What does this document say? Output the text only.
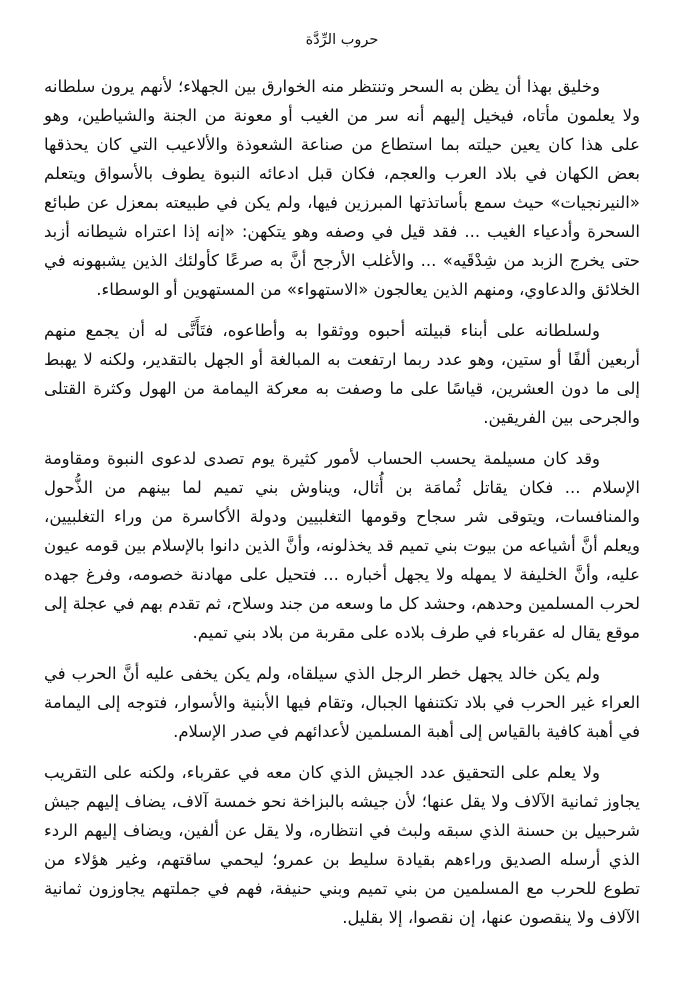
حروب الرِّدَّة

وخليق بهذا أن يظن به السحر وتنتظر منه الخوارق بين الجهلاء؛ لأنهم يرون سلطانه ولا يعلمون مأتاه، فيخيل إليهم أنه سر من الغيب أو معونة من الجنة والشياطين، وهو على هذا كان يعين حيلته بما استطاع من صناعة الشعوذة والألاعيب التي كان يحذقها بعض الكهان في بلاد العرب والعجم، فكان قبل ادعائه النبوة يطوف بالأسواق ويتعلم «النيرنجيات» حيث سمع بأساتذتها المبرزين فيها، ولم يكن في طبيعته بمعزل عن طبائع السحرة وأدعياء الغيب ... فقد قيل في وصفه وهو يتكهن: «إنه إذا اعتراه شيطانه أزبد حتى يخرج الزبد من شِدْقَيه» ... والأغلب الأرجح أنَّ به صرعًا كأولئك الذين يشبهونه في الخلائق والدعاوي، ومنهم الذين يعالجون «الاستهواء» من المستهوين أو الوسطاء.

ولسلطانه على أبناء قبيلته أحبوه ووثقوا به وأطاعوه، فتَأَتَّى له أن يجمع منهم أربعين ألفًا أو ستين، وهو عدد ربما ارتفعت به المبالغة أو الجهل بالتقدير، ولكنه لا يهبط إلى ما دون العشرين، قياسًا على ما وصفت به معركة اليمامة من الهول وكثرة القتلى والجرحى بين الفريقين.

وقد كان مسيلمة يحسب الحساب لأمور كثيرة يوم تصدى لدعوى النبوة ومقاومة الإسلام ... فكان يقاتل ثُمامَة بن أُثال، ويناوش بني تميم لما بينهم من الذُّحول والمنافسات، ويتوقى شر سجاح وقومها التغلبيين ودولة الأكاسرة من وراء التغلبيين، ويعلم أنَّ أشياعه من بيوت بني تميم قد يخذلونه، وأنَّ الذين دانوا بالإسلام بين قومه عيون عليه، وأنَّ الخليفة لا يمهله ولا يجهل أخباره ... فتحيل على مهادنة خصومه، وفرغ جهده لحرب المسلمين وحدهم، وحشد كل ما وسعه من جند وسلاح، ثم تقدم بهم في عجلة إلى موقع يقال له عقرباء في طرف بلاده على مقربة من بلاد بني تميم.

ولم يكن خالد يجهل خطر الرجل الذي سيلقاه، ولم يكن يخفى عليه أنَّ الحرب في العراء غير الحرب في بلاد تكتنفها الجبال، وتقام فيها الأبنية والأسوار، فتوجه إلى اليمامة في أهبة كافية بالقياس إلى أهبة المسلمين لأعدائهم في صدر الإسلام.

ولا يعلم على التحقيق عدد الجيش الذي كان معه في عقرباء، ولكنه على التقريب يجاوز ثمانية الآلاف ولا يقل عنها؛ لأن جيشه بالبزاخة نحو خمسة آلاف، يضاف إليهم جيش شرحبيل بن حسنة الذي سبقه ولبث في انتظاره، ولا يقل عن ألفين، ويضاف إليهم الردء الذي أرسله الصديق وراءهم بقيادة سليط بن عمرو؛ ليحمي ساقتهم، وغير هؤلاء من تطوع للحرب مع المسلمين من بني تميم وبني حنيفة، فهم في جملتهم يجاوزون ثمانية الآلاف ولا ينقصون عنها، إن نقصوا، إلا بقليل.
